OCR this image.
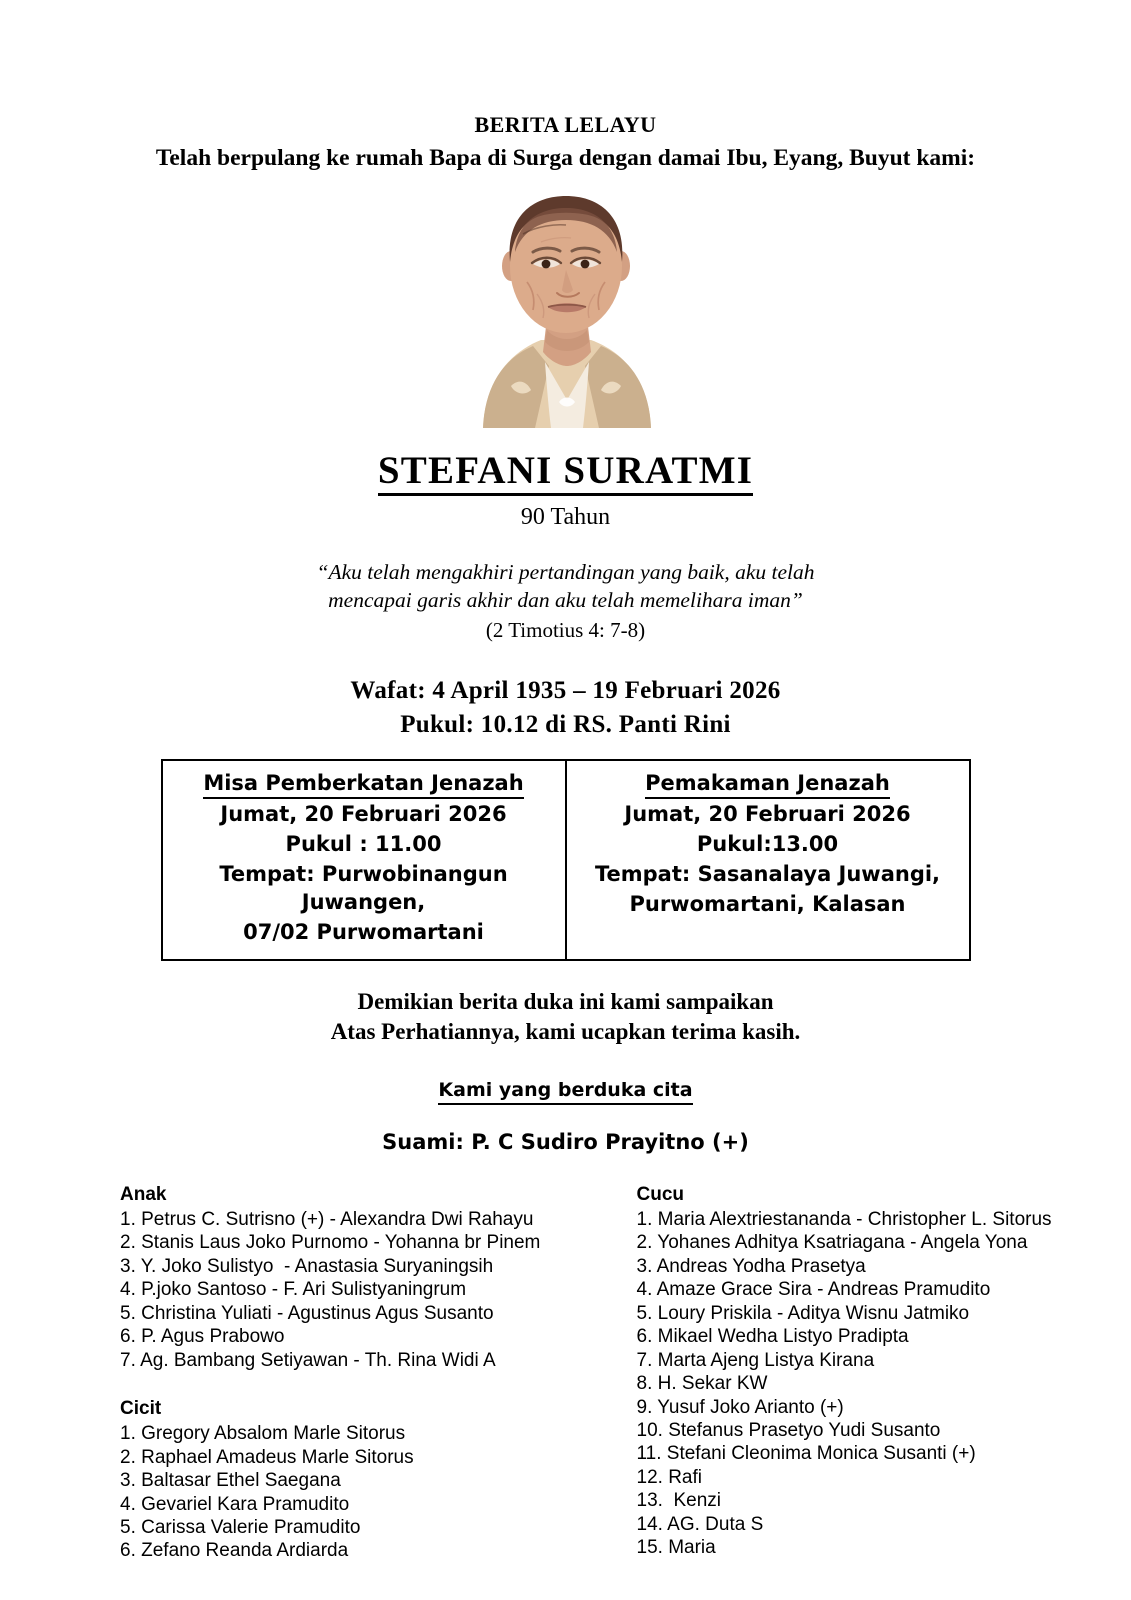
BERITA LELAYU
Telah berpulang ke rumah Bapa di Surga dengan damai Ibu, Eyang, Buyut kami:
STEFANI SURATMI
90 Tahun
“Aku telah mengakhiri pertandingan yang baik, aku telah
mencapai garis akhir dan aku telah memelihara iman”
(2 Timotius 4: 7-8)
Wafat: 4 April 1935 – 19 Februari 2026
Pukul: 10.12 di RS. Panti Rini
Misa Pemberkatan Jenazah
Jumat, 20 Februari 2026
Pukul : 11.00
Tempat: Purwobinangun Juwangen,
07/02 Purwomartani

Pemakaman Jenazah
Jumat, 20 Februari 2026
Pukul:13.00
Tempat: Sasanalaya Juwangi,
Purwomartani, Kalasan
Demikian berita duka ini kami sampaikan
Atas Perhatiannya, kami ucapkan terima kasih.
Kami yang berduka cita
Suami: P. C Sudiro Prayitno (+)
Anak
1. Petrus C. Sutrisno (+) - Alexandra Dwi Rahayu
2. Stanis Laus Joko Purnomo - Yohanna br Pinem
3. Y. Joko Sulistyo  - Anastasia Suryaningsih
4. P.joko Santoso - F. Ari Sulistyaningrum
5. Christina Yuliati - Agustinus Agus Susanto
6. P. Agus Prabowo
7. Ag. Bambang Setiyawan - Th. Rina Widi A
Cicit
1. Gregory Absalom Marle Sitorus
2. Raphael Amadeus Marle Sitorus
3. Baltasar Ethel Saegana
4. Gevariel Kara Pramudito
5. Carissa Valerie Pramudito
6. Zefano Reanda Ardiarda
Cucu
1. Maria Alextriestananda - Christopher L. Sitorus
2. Yohanes Adhitya Ksatriagana - Angela Yona
3. Andreas Yodha Prasetya
4. Amaze Grace Sira - Andreas Pramudito
5. Loury Priskila - Aditya Wisnu Jatmiko
6. Mikael Wedha Listyo Pradipta
7. Marta Ajeng Listya Kirana
8. H. Sekar KW
9. Yusuf Joko Arianto (+)
10. Stefanus Prasetyo Yudi Susanto
11. Stefani Cleonima Monica Susanti (+)
12. Rafi
13.  Kenzi
14. AG. Duta S
15. Maria
